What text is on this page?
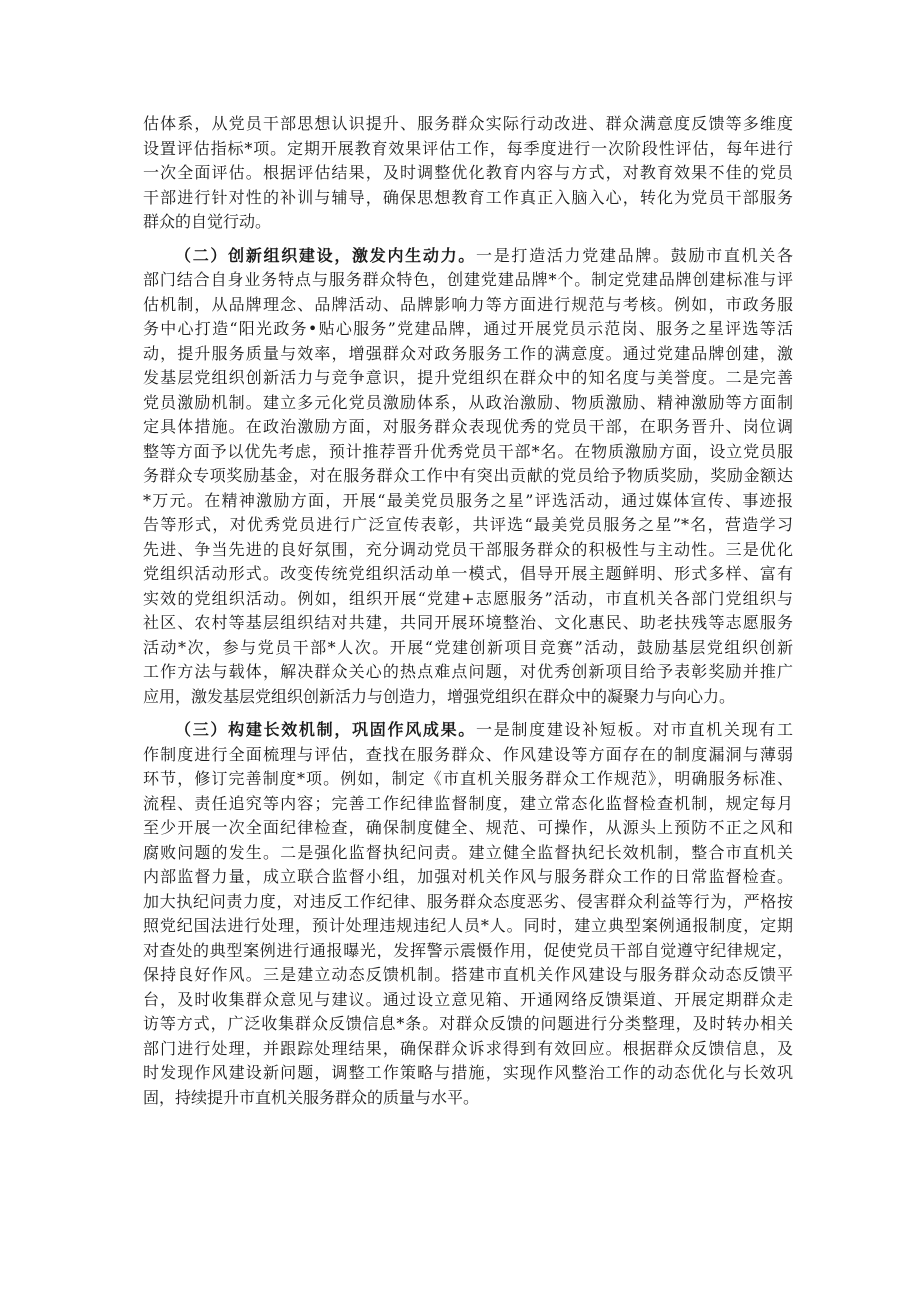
估体系，从党员干部思想认识提升、服务群众实际行动改进、群众满意度反馈等多维度
设置评估指标*项。定期开展教育效果评估工作，每季度进行一次阶段性评估，每年进行
一次全面评估。根据评估结果，及时调整优化教育内容与方式，对教育效果不佳的党员
干部进行针对性的补训与辅导，确保思想教育工作真正入脑入心，转化为党员干部服务
群众的自觉行动。
（二）创新组织建设，激发内生动力。一是打造活力党建品牌。鼓励市直机关各
部门结合自身业务特点与服务群众特色，创建党建品牌*个。制定党建品牌创建标准与评
估机制，从品牌理念、品牌活动、品牌影响力等方面进行规范与考核。例如，市政务服
务中心打造“阳光政务•贴心服务”党建品牌，通过开展党员示范岗、服务之星评选等活
动，提升服务质量与效率，增强群众对政务服务工作的满意度。通过党建品牌创建，激
发基层党组织创新活力与竞争意识，提升党组织在群众中的知名度与美誉度。二是完善
党员激励机制。建立多元化党员激励体系，从政治激励、物质激励、精神激励等方面制
定具体措施。在政治激励方面，对服务群众表现优秀的党员干部，在职务晋升、岗位调
整等方面予以优先考虑，预计推荐晋升优秀党员干部*名。在物质激励方面，设立党员服
务群众专项奖励基金，对在服务群众工作中有突出贡献的党员给予物质奖励，奖励金额达
*万元。在精神激励方面，开展“最美党员服务之星”评选活动，通过媒体宣传、事迹报
告等形式，对优秀党员进行广泛宣传表彰，共评选“最美党员服务之星”*名，营造学习
先进、争当先进的良好氛围，充分调动党员干部服务群众的积极性与主动性。三是优化
党组织活动形式。改变传统党组织活动单一模式，倡导开展主题鲜明、形式多样、富有
实效的党组织活动。例如，组织开展“党建+志愿服务”活动，市直机关各部门党组织与
社区、农村等基层组织结对共建，共同开展环境整治、文化惠民、助老扶残等志愿服务
活动*次，参与党员干部*人次。开展“党建创新项目竞赛”活动，鼓励基层党组织创新
工作方法与载体，解决群众关心的热点难点问题，对优秀创新项目给予表彰奖励并推广
应用，激发基层党组织创新活力与创造力，增强党组织在群众中的凝聚力与向心力。
（三）构建长效机制，巩固作风成果。一是制度建设补短板。对市直机关现有工
作制度进行全面梳理与评估，查找在服务群众、作风建设等方面存在的制度漏洞与薄弱
环节，修订完善制度*项。例如，制定《市直机关服务群众工作规范》，明确服务标准、
流程、责任追究等内容；完善工作纪律监督制度，建立常态化监督检查机制，规定每月
至少开展一次全面纪律检查，确保制度健全、规范、可操作，从源头上预防不正之风和
腐败问题的发生。二是强化监督执纪问责。建立健全监督执纪长效机制，整合市直机关
内部监督力量，成立联合监督小组，加强对机关作风与服务群众工作的日常监督检查。
加大执纪问责力度，对违反工作纪律、服务群众态度恶劣、侵害群众利益等行为，严格按
照党纪国法进行处理，预计处理违规违纪人员*人。同时，建立典型案例通报制度，定期
对查处的典型案例进行通报曝光，发挥警示震慑作用，促使党员干部自觉遵守纪律规定，
保持良好作风。三是建立动态反馈机制。搭建市直机关作风建设与服务群众动态反馈平
台，及时收集群众意见与建议。通过设立意见箱、开通网络反馈渠道、开展定期群众走
访等方式，广泛收集群众反馈信息*条。对群众反馈的问题进行分类整理，及时转办相关
部门进行处理，并跟踪处理结果，确保群众诉求得到有效回应。根据群众反馈信息，及
时发现作风建设新问题，调整工作策略与措施，实现作风整治工作的动态优化与长效巩
固，持续提升市直机关服务群众的质量与水平。
